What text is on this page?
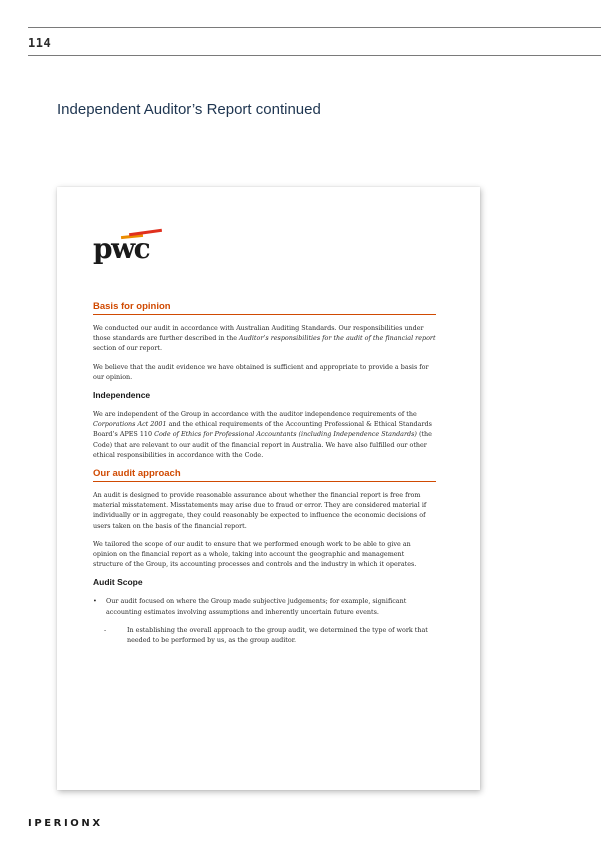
114
Independent Auditor’s Report continued
pwc
Basis for opinion

We conducted our audit in accordance with Australian Auditing Standards. Our responsibilities under those standards are further described in the Auditor’s responsibilities for the audit of the financial report section of our report.

We believe that the audit evidence we have obtained is sufficient and appropriate to provide a basis for our opinion.

Independence

We are independent of the Group in accordance with the auditor independence requirements of the Corporations Act 2001 and the ethical requirements of the Accounting Professional & Ethical Standards Board’s APES 110 Code of Ethics for Professional Accountants (including Independence Standards) (the Code) that are relevant to our audit of the financial report in Australia. We have also fulfilled our other ethical responsibilities in accordance with the Code.

Our audit approach

An audit is designed to provide reasonable assurance about whether the financial report is free from material misstatement. Misstatements may arise due to fraud or error. They are considered material if individually or in aggregate, they could reasonably be expected to influence the economic decisions of users taken on the basis of the financial report.

We tailored the scope of our audit to ensure that we performed enough work to be able to give an opinion on the financial report as a whole, taking into account the geographic and management structure of the Group, its accounting processes and controls and the industry in which it operates.

Audit Scope
• Our audit focused on where the Group made subjective judgements; for example, significant accounting estimates involving assumptions and inherently uncertain future events.
-	In establishing the overall approach to the group audit, we determined the type of work that needed to be performed by us, as the group auditor.
IPERIONX
